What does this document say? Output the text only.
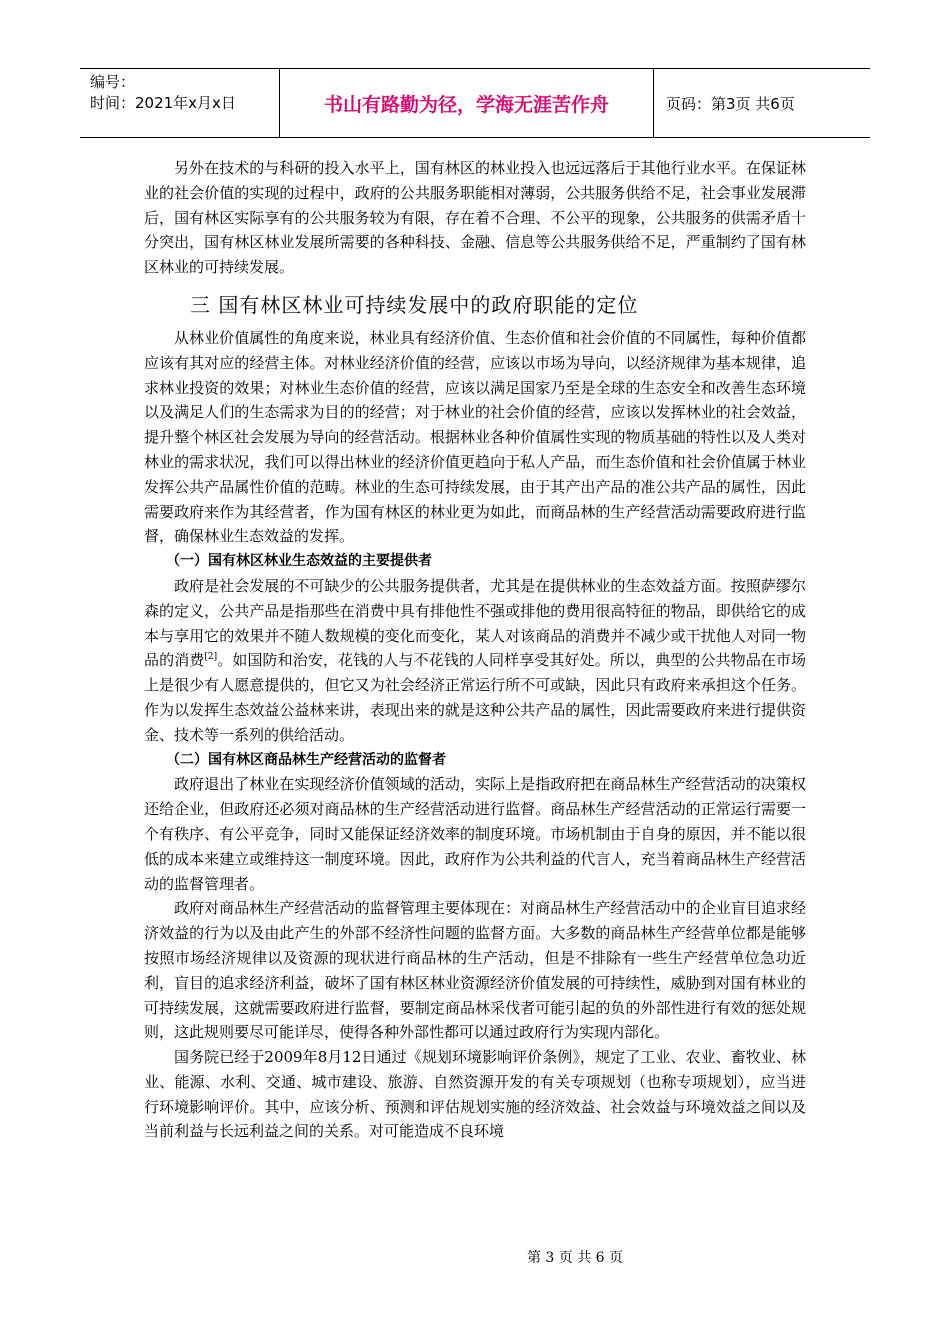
编号：
时间：2021年x月x日	书山有路勤为径，学海无涯苦作舟	页码：第3页 共6页

另外在技术的与科研的投入水平上，国有林区的林业投入也远远落后于其他行业水平。在保证林业的社会价值的实现的过程中，政府的公共服务职能相对薄弱，公共服务供给不足，社会事业发展滞后，国有林区实际享有的公共服务较为有限，存在着不合理、不公平的现象，公共服务的供需矛盾十分突出，国有林区林业发展所需要的各种科技、金融、信息等公共服务供给不足，严重制约了国有林区林业的可持续发展。

三 国有林区林业可持续发展中的政府职能的定位

从林业价值属性的角度来说，林业具有经济价值、生态价值和社会价值的不同属性，每种价值都应该有其对应的经营主体。对林业经济价值的经营，应该以市场为导向，以经济规律为基本规律，追求林业投资的效果；对林业生态价值的经营，应该以满足国家乃至是全球的生态安全和改善生态环境以及满足人们的生态需求为目的的经营；对于林业的社会价值的经营，应该以发挥林业的社会效益，提升整个林区社会发展为导向的经营活动。根据林业各种价值属性实现的物质基础的特性以及人类对林业的需求状况，我们可以得出林业的经济价值更趋向于私人产品，而生态价值和社会价值属于林业发挥公共产品属性价值的范畴。林业的生态可持续发展，由于其产出产品的准公共产品的属性，因此需要政府来作为其经营者，作为国有林区的林业更为如此，而商品林的生产经营活动需要政府进行监督，确保林业生态效益的发挥。

（一）国有林区林业生态效益的主要提供者

政府是社会发展的不可缺少的公共服务提供者，尤其是在提供林业的生态效益方面。按照萨缪尔森的定义，公共产品是指那些在消费中具有排他性不强或排他的费用很高特征的物品，即供给它的成本与享用它的效果并不随人数规模的变化而变化，某人对该商品的消费并不减少或干扰他人对同一物品的消费[2]。如国防和治安，花钱的人与不花钱的人同样享受其好处。所以，典型的公共物品在市场上是很少有人愿意提供的，但它又为社会经济正常运行所不可或缺，因此只有政府来承担这个任务。作为以发挥生态效益公益林来讲，表现出来的就是这种公共产品的属性，因此需要政府来进行提供资金、技术等一系列的供给活动。

（二）国有林区商品林生产经营活动的监督者

政府退出了林业在实现经济价值领域的活动，实际上是指政府把在商品林生产经营活动的决策权还给企业，但政府还必须对商品林的生产经营活动进行监督。商品林生产经营活动的正常运行需要一个有秩序、有公平竞争，同时又能保证经济效率的制度环境。市场机制由于自身的原因，并不能以很低的成本来建立或维持这一制度环境。因此，政府作为公共利益的代言人，充当着商品林生产经营活动的监督管理者。

政府对商品林生产经营活动的监督管理主要体现在：对商品林生产经营活动中的企业盲目追求经济效益的行为以及由此产生的外部不经济性问题的监督方面。大多数的商品林生产经营单位都是能够按照市场经济规律以及资源的现状进行商品林的生产活动，但是不排除有一些生产经营单位急功近利，盲目的追求经济利益，破坏了国有林区林业资源经济价值发展的可持续性，威胁到对国有林业的可持续发展，这就需要政府进行监督，要制定商品林采伐者可能引起的负的外部性进行有效的惩处规则，这此规则要尽可能详尽，使得各种外部性都可以通过政府行为实现内部化。

国务院已经于2009年8月12日通过《规划环境影响评价条例》，规定了工业、农业、畜牧业、林业、能源、水利、交通、城市建设、旅游、自然资源开发的有关专项规划（也称专项规划），应当进行环境影响评价。其中，应该分析、预测和评估规划实施的经济效益、社会效益与环境效益之间以及当前利益与长远利益之间的关系。对可能造成不良环境

第 3 页 共 6 页
